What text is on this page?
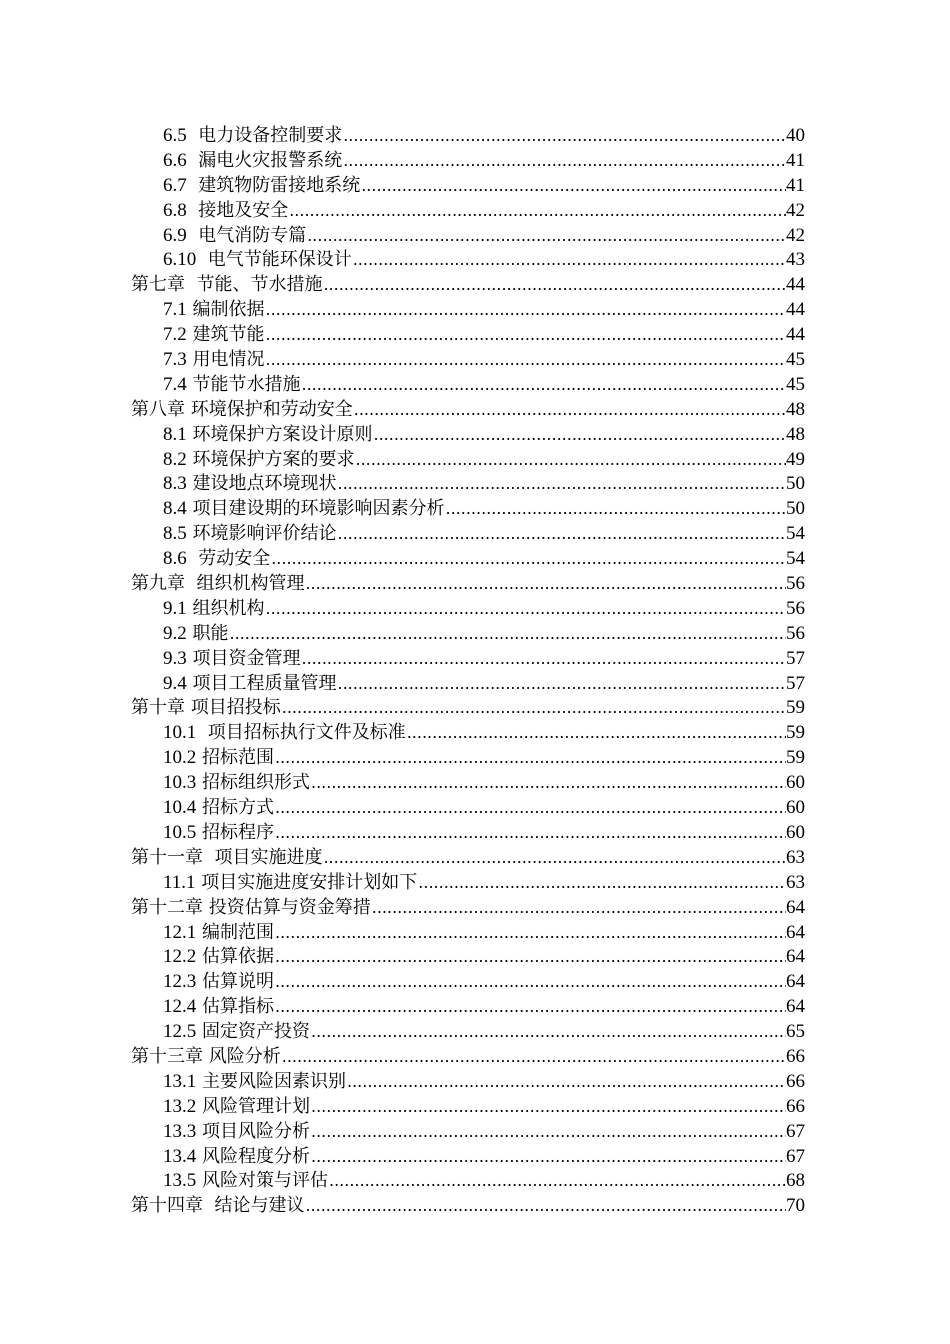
6.5 电力设备控制要求 .....	40
6.6 漏电火灾报警系统 .....	41
6.7 建筑物防雷接地系统 .....	41
6.8 接地及安全 .....	42
6.9 电气消防专篇 .....	42
6.10 电气节能环保设计 .....	43
第七章  节能、节水措施 .....	44
7.1 编制依据 .....	44
7.2 建筑节能 .....	44
7.3 用电情况 .....	45
7.4 节能节水措施 .....	45
第八章 环境保护和劳动安全 .....	48
8.1 环境保护方案设计原则 .....	48
8.2 环境保护方案的要求 .....	49
8.3 建设地点环境现状 .....	50
8.4 项目建设期的环境影响因素分析 .....	50
8.5 环境影响评价结论 .....	54
8.6 劳动安全 .....	54
第九章  组织机构管理 .....	56
9.1 组织机构 .....	56
9.2 职能 .....	56
9.3 项目资金管理 .....	57
9.4 项目工程质量管理 .....	57
第十章 项目招投标 .....	59
10.1 项目招标执行文件及标准 .....	59
10.2 招标范围 .....	59
10.3 招标组织形式 .....	60
10.4 招标方式 .....	60
10.5 招标程序 .....	60
第十一章  项目实施进度 .....	63
11.1 项目实施进度安排计划如下 .....	63
第十二章 投资估算与资金筹措 .....	64
12.1 编制范围 .....	64
12.2 估算依据 .....	64
12.3 估算说明 .....	64
12.4 估算指标 .....	64
12.5 固定资产投资 .....	65
第十三章 风险分析 .....	66
13.1 主要风险因素识别 .....	66
13.2 风险管理计划 .....	66
13.3 项目风险分析 .....	67
13.4 风险程度分析 .....	67
13.5 风险对策与评估 .....	68
第十四章  结论与建议 .....	70
